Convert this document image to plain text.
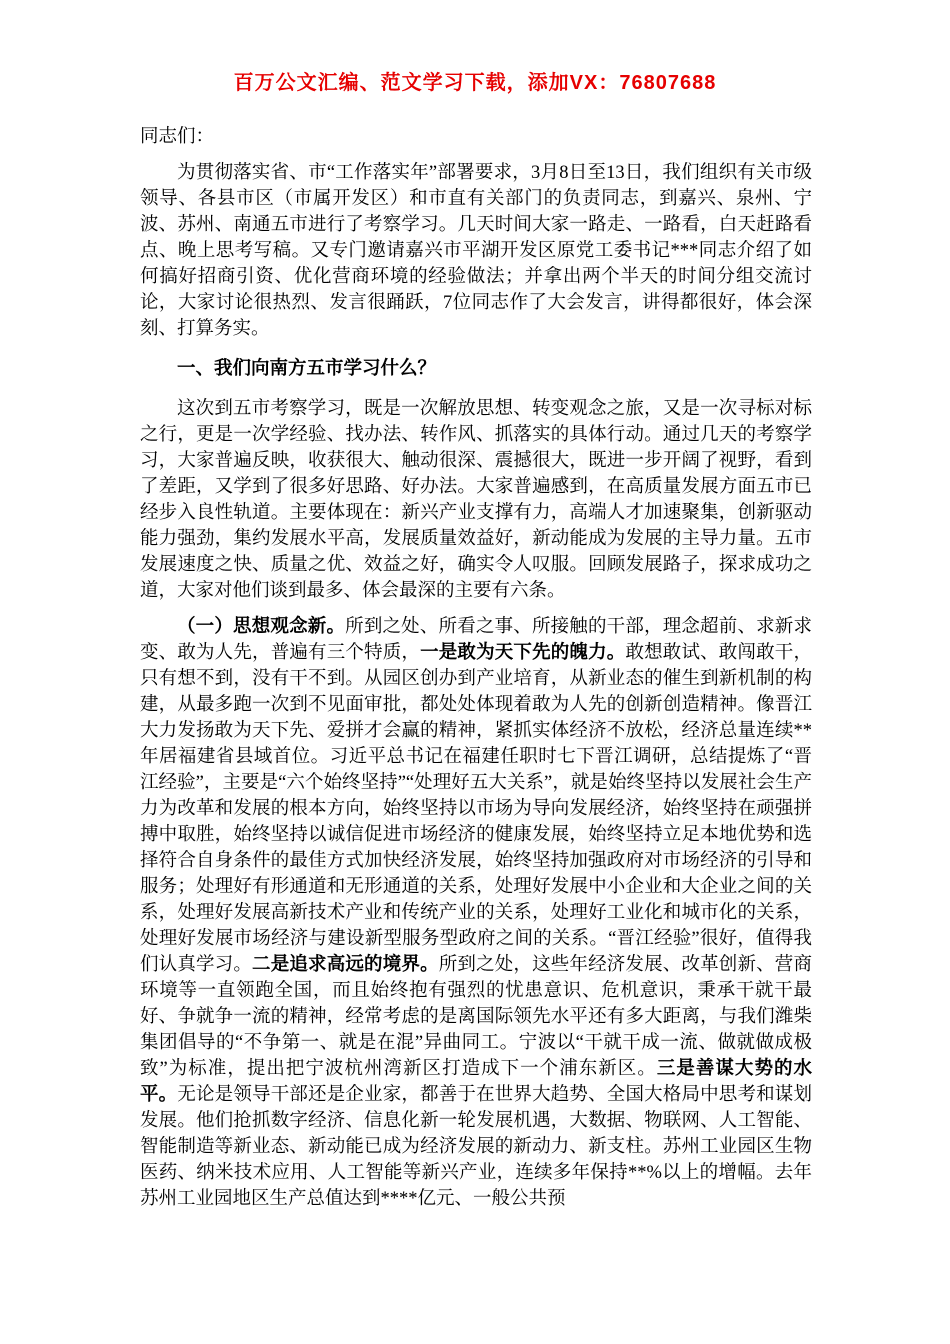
百万公文汇编、范文学习下载，添加VX：76807688

同志们：

为贯彻落实省、市“工作落实年”部署要求，3月8日至13日，我们组织有关市级领导、各县市区（市属开发区）和市直有关部门的负责同志，到嘉兴、泉州、宁波、苏州、南通五市进行了考察学习。几天时间大家一路走、一路看，白天赶路看点、晚上思考写稿。又专门邀请嘉兴市平湖开发区原党工委书记***同志介绍了如何搞好招商引资、优化营商环境的经验做法；并拿出两个半天的时间分组交流讨论，大家讨论很热烈、发言很踊跃，7位同志作了大会发言，讲得都很好，体会深刻、打算务实。

一、我们向南方五市学习什么？

这次到五市考察学习，既是一次解放思想、转变观念之旅，又是一次寻标对标之行，更是一次学经验、找办法、转作风、抓落实的具体行动。通过几天的考察学习，大家普遍反映，收获很大、触动很深、震撼很大，既进一步开阔了视野，看到了差距，又学到了很多好思路、好办法。大家普遍感到，在高质量发展方面五市已经步入良性轨道。主要体现在：新兴产业支撑有力，高端人才加速聚集，创新驱动能力强劲，集约发展水平高，发展质量效益好，新动能成为发展的主导力量。五市发展速度之快、质量之优、效益之好，确实令人叹服。回顾发展路子，探求成功之道，大家对他们谈到最多、体会最深的主要有六条。

（一）思想观念新。所到之处、所看之事、所接触的干部，理念超前、求新求变、敢为人先，普遍有三个特质，一是敢为天下先的魄力。敢想敢试、敢闯敢干，只有想不到，没有干不到。从园区创办到产业培育，从新业态的催生到新机制的构建，从最多跑一次到不见面审批，都处处体现着敢为人先的创新创造精神。像晋江大力发扬敢为天下先、爱拼才会赢的精神，紧抓实体经济不放松，经济总量连续**年居福建省县域首位。习近平总书记在福建任职时七下晋江调研，总结提炼了“晋江经验”，主要是“六个始终坚持”“处理好五大关系”，就是始终坚持以发展社会生产力为改革和发展的根本方向，始终坚持以市场为导向发展经济，始终坚持在顽强拼搏中取胜，始终坚持以诚信促进市场经济的健康发展，始终坚持立足本地优势和选择符合自身条件的最佳方式加快经济发展，始终坚持加强政府对市场经济的引导和服务；处理好有形通道和无形通道的关系，处理好发展中小企业和大企业之间的关系，处理好发展高新技术产业和传统产业的关系，处理好工业化和城市化的关系，处理好发展市场经济与建设新型服务型政府之间的关系。“晋江经验”很好，值得我们认真学习。二是追求高远的境界。所到之处，这些年经济发展、改革创新、营商环境等一直领跑全国，而且始终抱有强烈的忧患意识、危机意识，秉承干就干最好、争就争一流的精神，经常考虑的是离国际领先水平还有多大距离，与我们潍柴集团倡导的“不争第一、就是在混”异曲同工。宁波以“干就干成一流、做就做成极致”为标准，提出把宁波杭州湾新区打造成下一个浦东新区。三是善谋大势的水平。无论是领导干部还是企业家，都善于在世界大趋势、全国大格局中思考和谋划发展。他们抢抓数字经济、信息化新一轮发展机遇，大数据、物联网、人工智能、智能制造等新业态、新动能已成为经济发展的新动力、新支柱。苏州工业园区生物医药、纳米技术应用、人工智能等新兴产业，连续多年保持**%以上的增幅。去年苏州工业园地区生产总值达到****亿元、一般公共预
